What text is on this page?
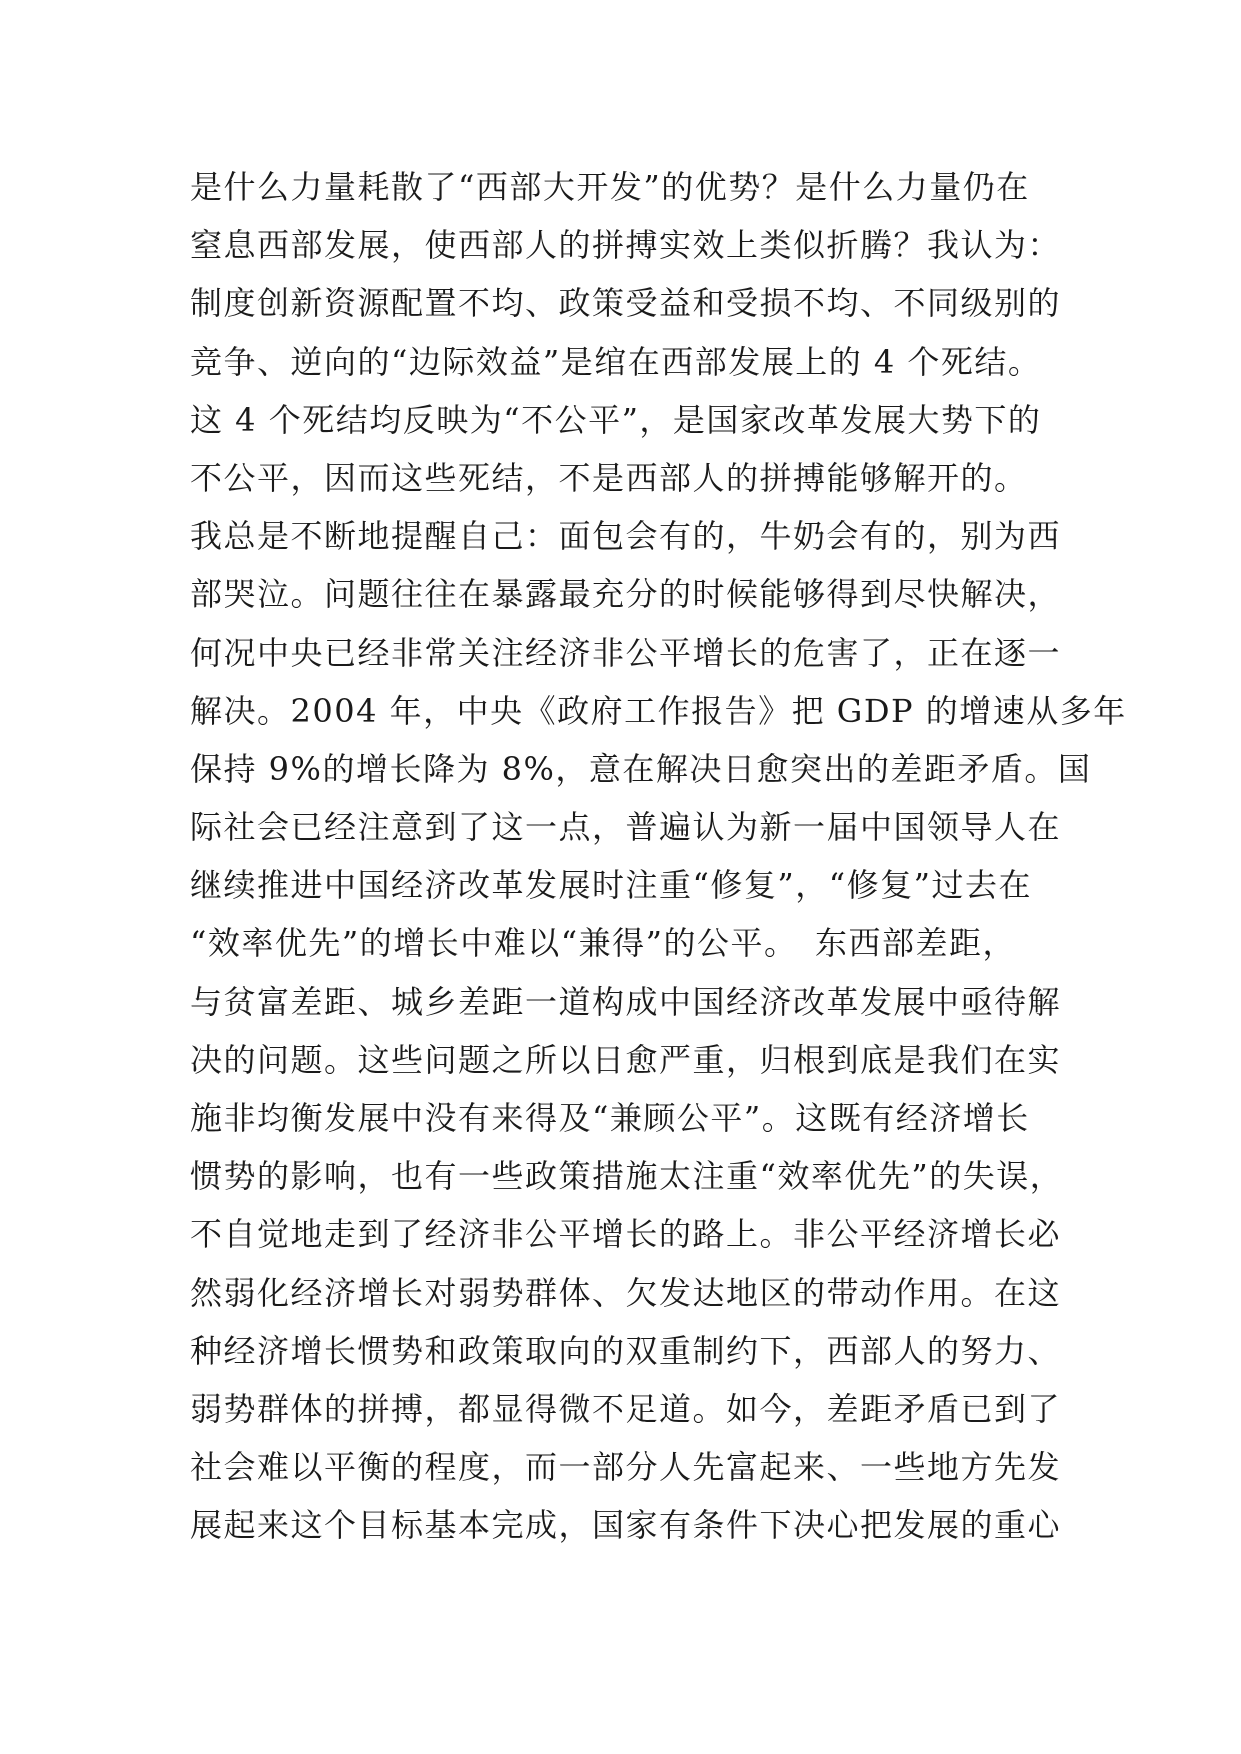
是什么力量耗散了“西部大开发”的优势？是什么力量仍在
窒息西部发展，使西部人的拼搏实效上类似折腾？我认为：
制度创新资源配置不均、政策受益和受损不均、不同级别的
竞争、逆向的“边际效益”是绾在西部发展上的 4 个死结。
这 4 个死结均反映为“不公平”，是国家改革发展大势下的
不公平，因而这些死结，不是西部人的拼搏能够解开的。
我总是不断地提醒自己：面包会有的，牛奶会有的，别为西
部哭泣。问题往往在暴露最充分的时候能够得到尽快解决，
何况中央已经非常关注经济非公平增长的危害了，正在逐一
解决。2004 年，中央《政府工作报告》把 GDP 的增速从多年
保持 9%的增长降为 8%，意在解决日愈突出的差距矛盾。国
际社会已经注意到了这一点，普遍认为新一届中国领导人在
继续推进中国经济改革发展时注重“修复”，“修复”过去在
“效率优先”的增长中难以“兼得”的公平。　东西部差距，
与贫富差距、城乡差距一道构成中国经济改革发展中亟待解
决的问题。这些问题之所以日愈严重，归根到底是我们在实
施非均衡发展中没有来得及“兼顾公平”。这既有经济增长
惯势的影响，也有一些政策措施太注重“效率优先”的失误，
不自觉地走到了经济非公平增长的路上。非公平经济增长必
然弱化经济增长对弱势群体、欠发达地区的带动作用。在这
种经济增长惯势和政策取向的双重制约下，西部人的努力、
弱势群体的拼搏，都显得微不足道。如今，差距矛盾已到了
社会难以平衡的程度，而一部分人先富起来、一些地方先发
展起来这个目标基本完成，国家有条件下决心把发展的重心
